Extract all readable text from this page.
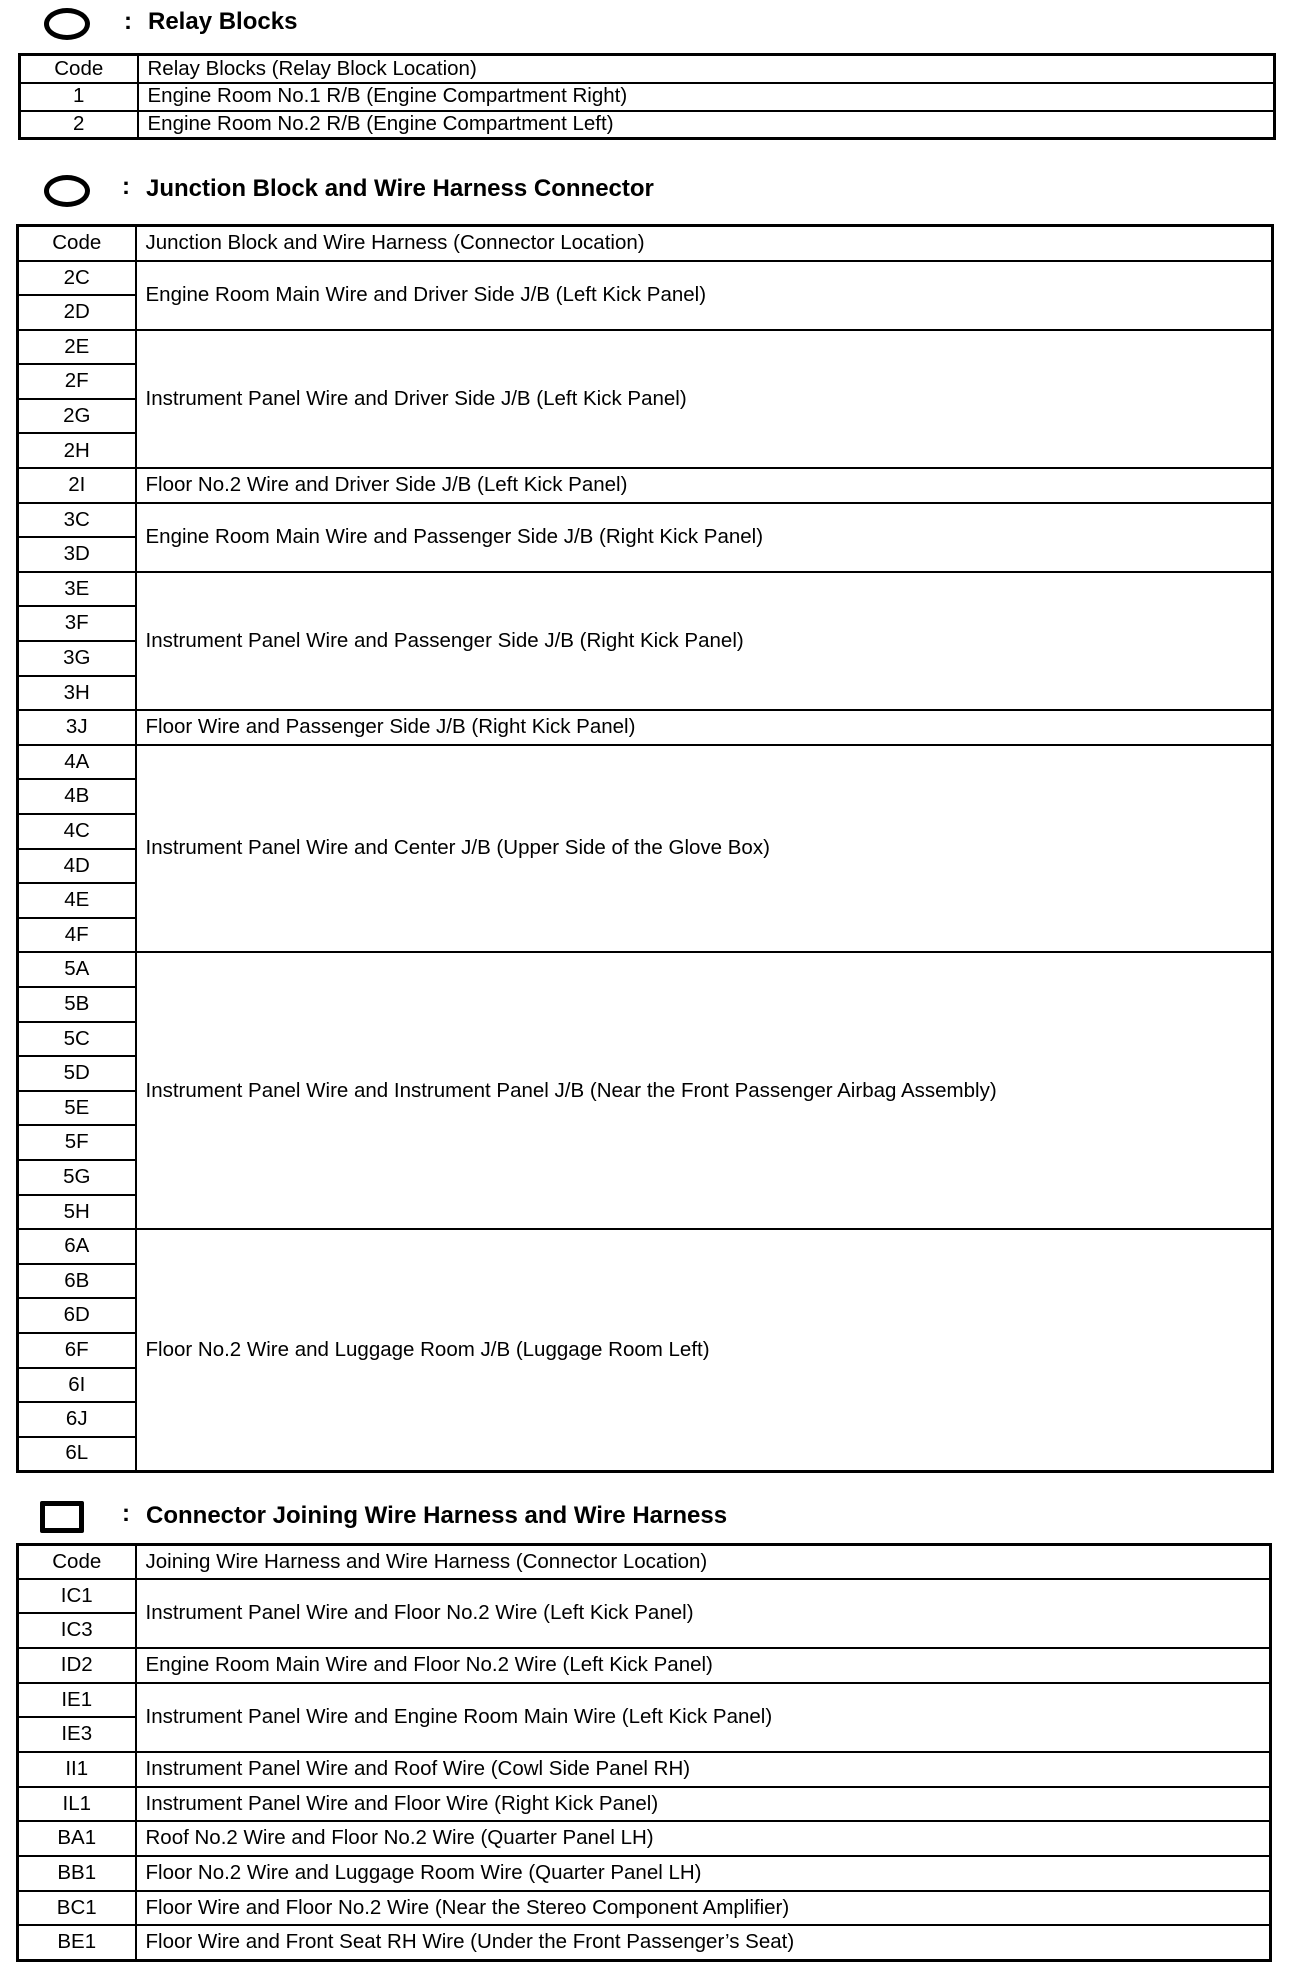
: Relay Blocks
Code	Relay Blocks (Relay Block Location)
1	Engine Room No.1 R/B (Engine Compartment Right)
2	Engine Room No.2 R/B (Engine Compartment Left)
: Junction Block and Wire Harness Connector
Code	Junction Block and Wire Harness (Connector Location)
2C	Engine Room Main Wire and Driver Side J/B (Left Kick Panel)
2D	
2E	Instrument Panel Wire and Driver Side J/B (Left Kick Panel)
2F	
2G	
2H	
2I	Floor No.2 Wire and Driver Side J/B (Left Kick Panel)
3C	Engine Room Main Wire and Passenger Side J/B (Right Kick Panel)
3D	
3E	Instrument Panel Wire and Passenger Side J/B (Right Kick Panel)
3F	
3G	
3H	
3J	Floor Wire and Passenger Side J/B (Right Kick Panel)
4A	Instrument Panel Wire and Center J/B (Upper Side of the Glove Box)
4B	
4C	
4D	
4E	
4F	
5A	Instrument Panel Wire and Instrument Panel J/B (Near the Front Passenger Airbag Assembly)
5B	
5C	
5D	
5E	
5F	
5G	
5H	
6A	Floor No.2 Wire and Luggage Room J/B (Luggage Room Left)
6B	
6D	
6F	
6I	
6J	
6L	
: Connector Joining Wire Harness and Wire Harness
Code	Joining Wire Harness and Wire Harness (Connector Location)
IC1	Instrument Panel Wire and Floor No.2 Wire (Left Kick Panel)
IC3	
ID2	Engine Room Main Wire and Floor No.2 Wire (Left Kick Panel)
IE1	Instrument Panel Wire and Engine Room Main Wire (Left Kick Panel)
IE3	
II1	Instrument Panel Wire and Roof Wire (Cowl Side Panel RH)
IL1	Instrument Panel Wire and Floor Wire (Right Kick Panel)
BA1	Roof No.2 Wire and Floor No.2 Wire (Quarter Panel LH)
BB1	Floor No.2 Wire and Luggage Room Wire (Quarter Panel LH)
BC1	Floor Wire and Floor No.2 Wire (Near the Stereo Component Amplifier)
BE1	Floor Wire and Front Seat RH Wire (Under the Front Passenger’s Seat)
